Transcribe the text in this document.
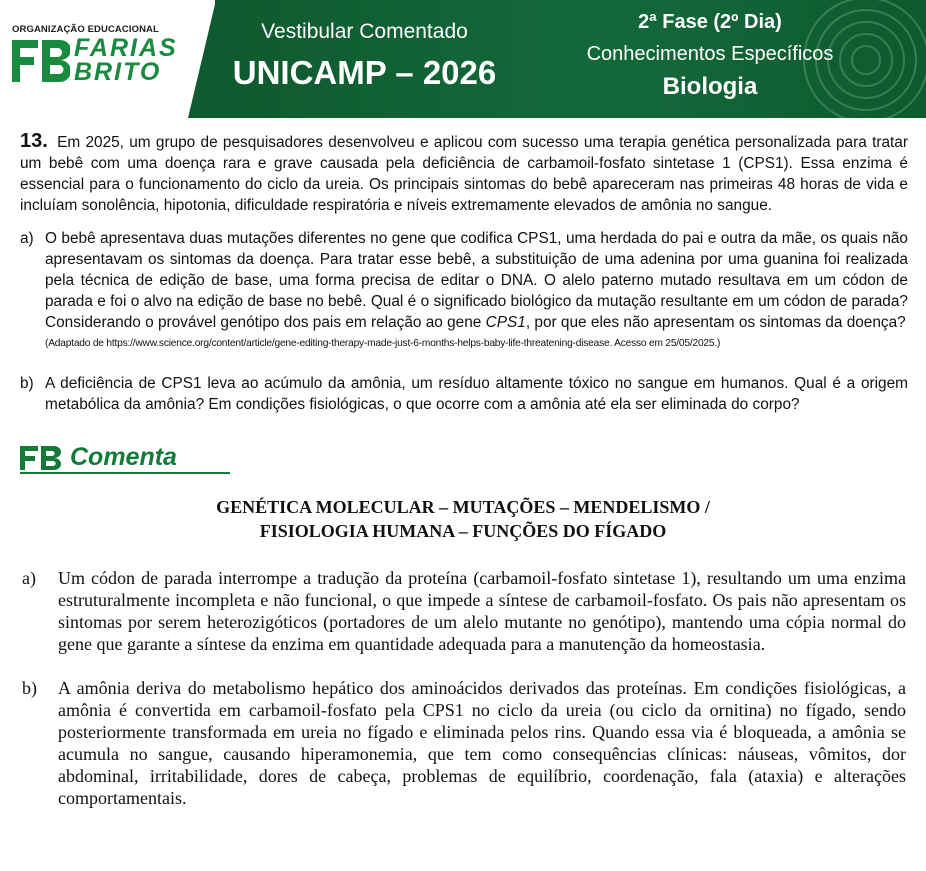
ORGANIZAÇÃO EDUCACIONAL
FARIAS
BRITO
Vestibular Comentado
UNICAMP – 2026
2ª Fase (2º Dia)
Conhecimentos Específicos
Biologia

13. Em 2025, um grupo de pesquisadores desenvolveu e aplicou com sucesso uma terapia genética personalizada para tratar um bebê com uma doença rara e grave causada pela deficiência de carbamoil-fosfato sintetase 1 (CPS1). Essa enzima é essencial para o funcionamento do ciclo da ureia. Os principais sintomas do bebê apareceram nas primeiras 48 horas de vida e incluíam sonolência, hipotonia, dificuldade respiratória e níveis extremamente elevados de amônia no sangue.

a) O bebê apresentava duas mutações diferentes no gene que codifica CPS1, uma herdada do pai e outra da mãe, os quais não apresentavam os sintomas da doença. Para tratar esse bebê, a substituição de uma adenina por uma guanina foi realizada pela técnica de edição de base, uma forma precisa de editar o DNA. O alelo paterno mutado resultava em um códon de parada e foi o alvo na edição de base no bebê. Qual é o significado biológico da mutação resultante em um códon de parada? Considerando o provável genótipo dos pais em relação ao gene CPS1, por que eles não apresentam os sintomas da doença?
(Adaptado de https://www.science.org/content/article/gene-editing-therapy-made-just-6-months-helps-baby-life-threatening-disease. Acesso em 25/05/2025.)
b) A deficiência de CPS1 leva ao acúmulo da amônia, um resíduo altamente tóxico no sangue em humanos. Qual é a origem metabólica da amônia? Em condições fisiológicas, o que ocorre com a amônia até ela ser eliminada do corpo?
Comenta
GENÉTICA MOLECULAR – MUTAÇÕES – MENDELISMO /
FISIOLOGIA HUMANA – FUNÇÕES DO FÍGADO
a) Um códon de parada interrompe a tradução da proteína (carbamoil-fosfato sintetase 1), resultando um uma enzima estruturalmente incompleta e não funcional, o que impede a síntese de carbamoil-fosfato. Os pais não apresentam os sintomas por serem heterozigóticos (portadores de um alelo mutante no genótipo), mantendo uma cópia normal do gene que garante a síntese da enzima em quantidade adequada para a manutenção da homeostasia.
b) A amônia deriva do metabolismo hepático dos aminoácidos derivados das proteínas. Em condições fisiológicas, a amônia é convertida em carbamoil-fosfato pela CPS1 no ciclo da ureia (ou ciclo da ornitina) no fígado, sendo posteriormente transformada em ureia no fígado e eliminada pelos rins. Quando essa via é bloqueada, a amônia se acumula no sangue, causando hiperamonemia, que tem como consequências clínicas: náuseas, vômitos, dor abdominal, irritabilidade, dores de cabeça, problemas de equilíbrio, coordenação, fala (ataxia) e alterações comportamentais.
